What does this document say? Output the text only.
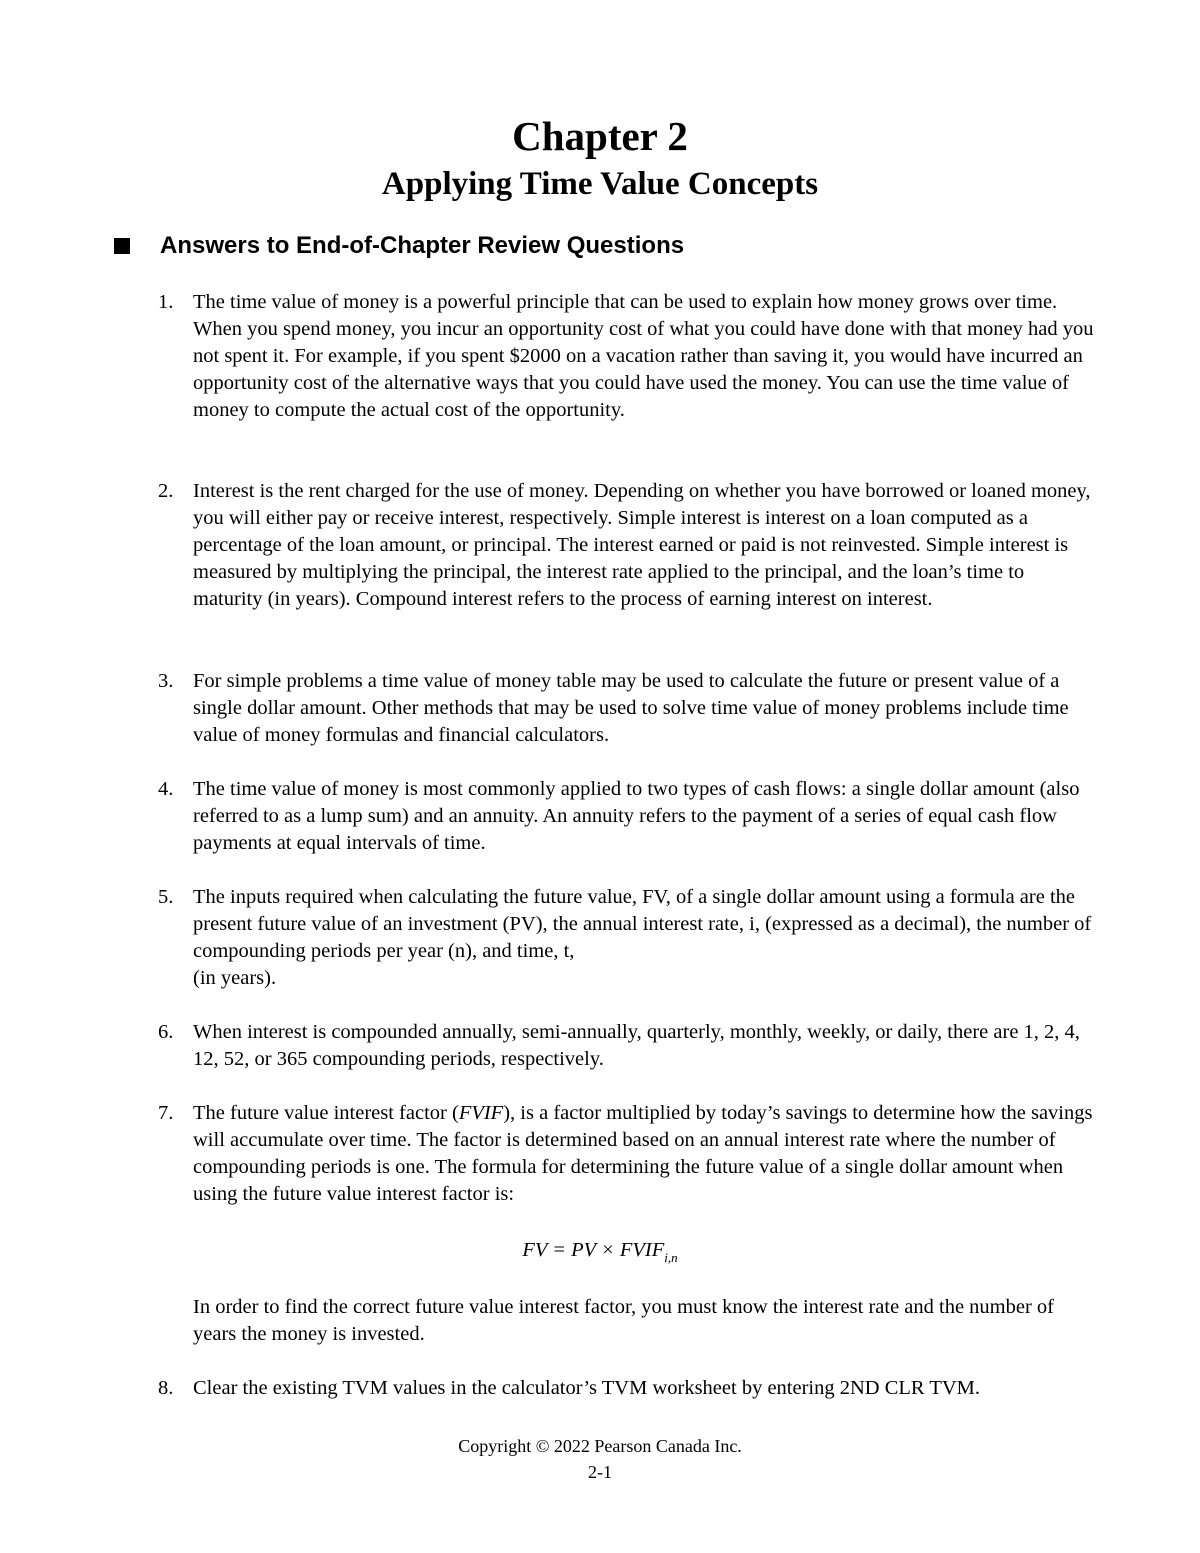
Chapter 2
Applying Time Value Concepts
Answers to End-of-Chapter Review Questions
1. The time value of money is a powerful principle that can be used to explain how money grows over time. When you spend money, you incur an opportunity cost of what you could have done with that money had you not spent it. For example, if you spent $2000 on a vacation rather than saving it, you would have incurred an opportunity cost of the alternative ways that you could have used the money. You can use the time value of money to compute the actual cost of the opportunity.
2. Interest is the rent charged for the use of money. Depending on whether you have borrowed or loaned money, you will either pay or receive interest, respectively. Simple interest is interest on a loan computed as a percentage of the loan amount, or principal. The interest earned or paid is not reinvested. Simple interest is measured by multiplying the principal, the interest rate applied to the principal, and the loan’s time to maturity (in years). Compound interest refers to the process of earning interest on interest.
3. For simple problems a time value of money table may be used to calculate the future or present value of a single dollar amount. Other methods that may be used to solve time value of money problems include time value of money formulas and financial calculators.
4. The time value of money is most commonly applied to two types of cash flows: a single dollar amount (also referred to as a lump sum) and an annuity. An annuity refers to the payment of a series of equal cash flow payments at equal intervals of time.
5. The inputs required when calculating the future value, FV, of a single dollar amount using a formula are the present future value of an investment (PV), the annual interest rate, i, (expressed as a decimal), the number of compounding periods per year (n), and time, t,
(in years).
6. When interest is compounded annually, semi-annually, quarterly, monthly, weekly, or daily, there are 1, 2, 4, 12, 52, or 365 compounding periods, respectively.
7. The future value interest factor (FVIF), is a factor multiplied by today’s savings to determine how the savings will accumulate over time. The factor is determined based on an annual interest rate where the number of compounding periods is one. The formula for determining the future value of a single dollar amount when using the future value interest factor is:
FV = PV × $FVIF_{i,n}$
In order to find the correct future value interest factor, you must know the interest rate and the number of years the money is invested.
8. Clear the existing TVM values in the calculator’s TVM worksheet by entering 2ND CLR TVM.
Copyright © 2022 Pearson Canada Inc.
2-1
